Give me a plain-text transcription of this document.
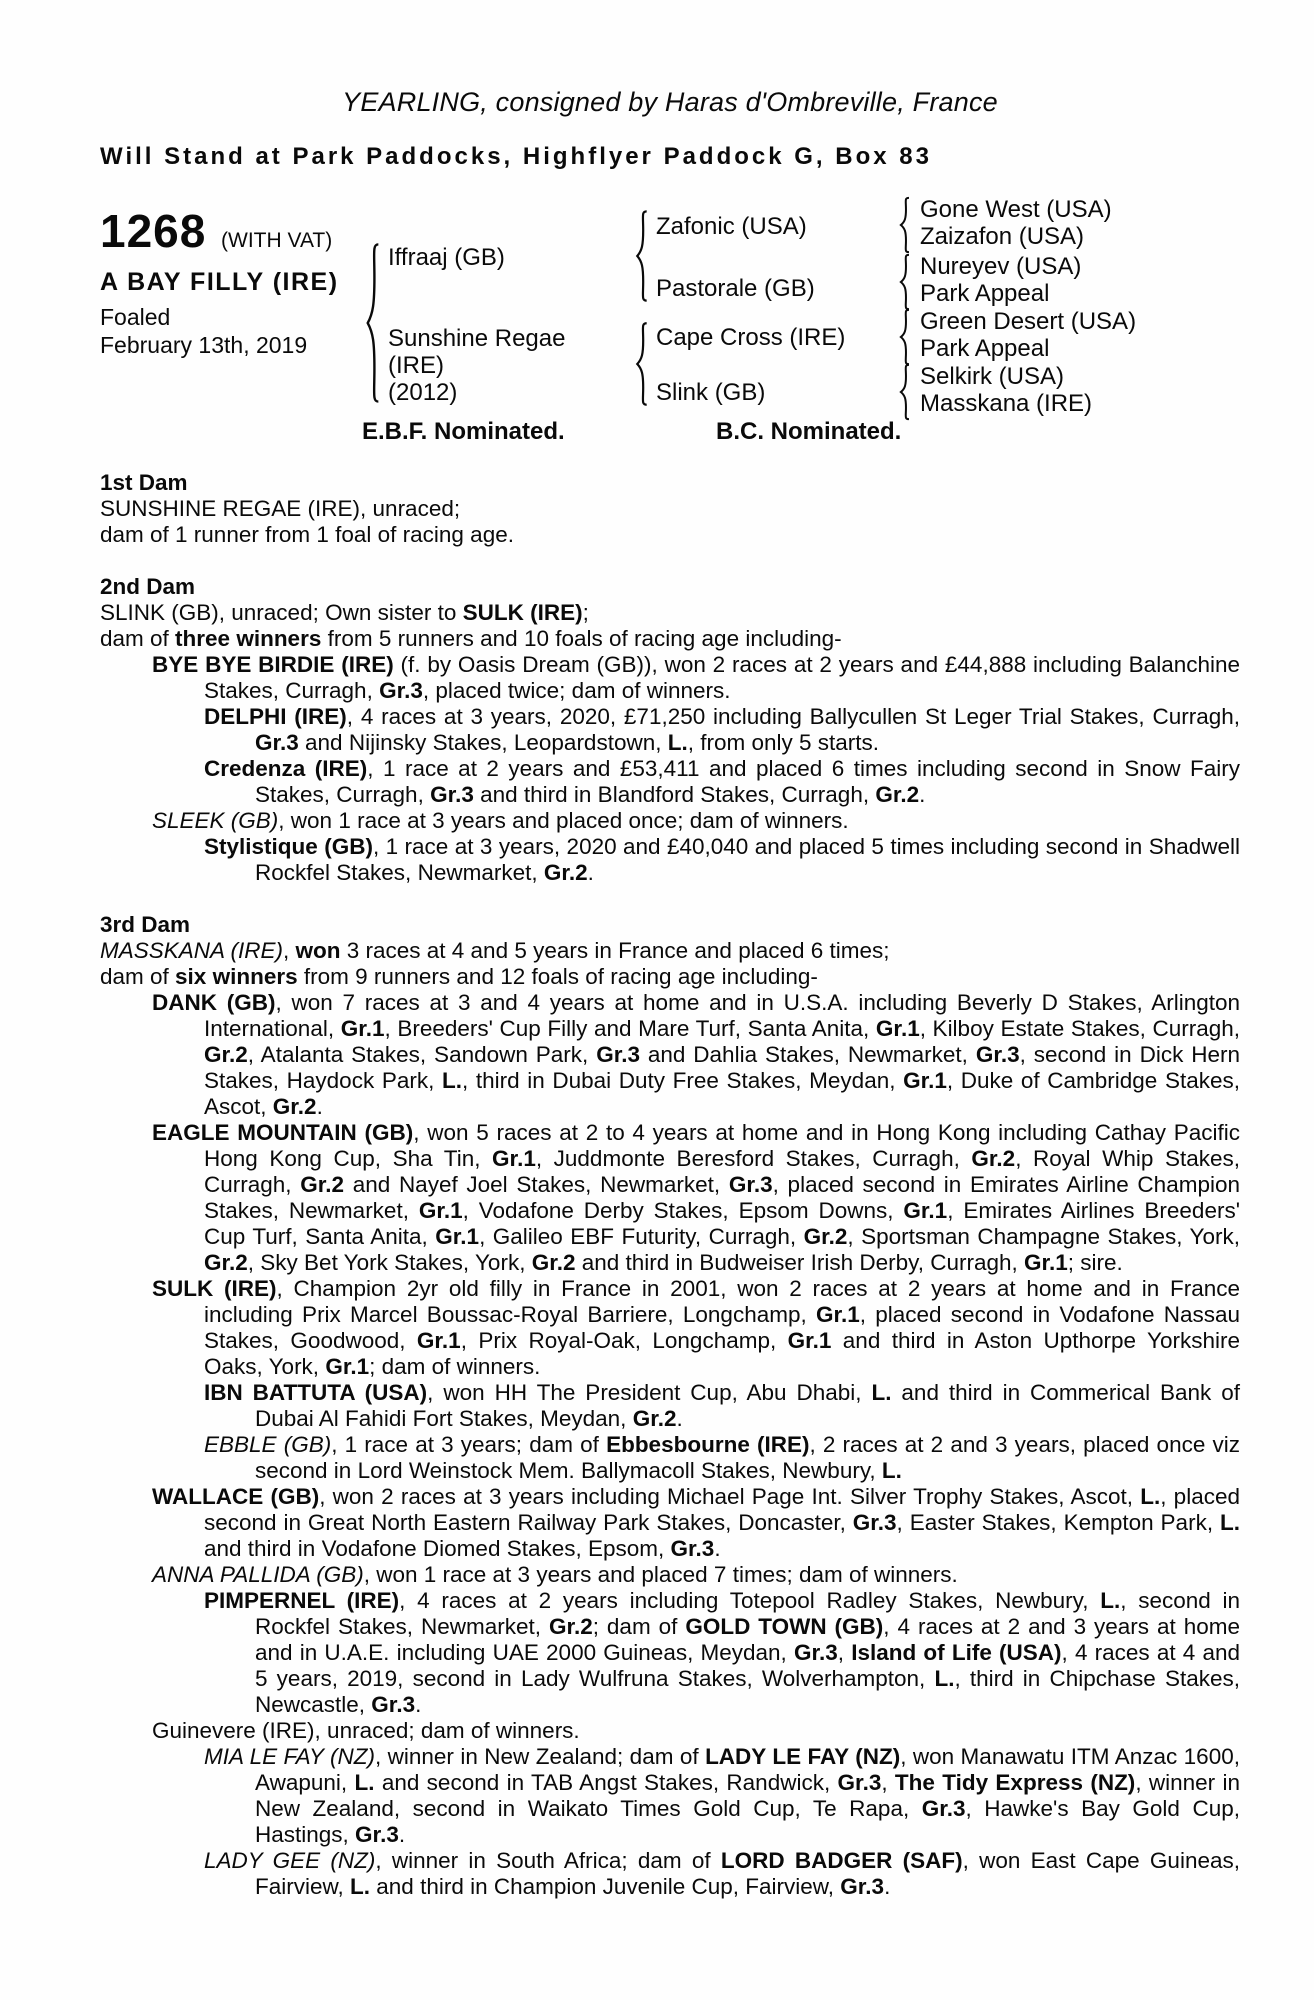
YEARLING, consigned by Haras d'Ombreville, France
Will Stand at Park Paddocks, Highflyer Paddock G, Box 83
1268 (WITH VAT)
A BAY FILLY (IRE)
Foaled
February 13th, 2019
Iffraaj (GB)
Sunshine Regae
(IRE)
(2012)
Zafonic (USA)
Pastorale (GB)
Cape Cross (IRE)
Slink (GB)
Gone West (USA)
Zaizafon (USA)
Nureyev (USA)
Park Appeal
Green Desert (USA)
Park Appeal
Selkirk (USA)
Masskana (IRE)
E.B.F. Nominated.	B.C. Nominated.
1st Dam
SUNSHINE REGAE (IRE), unraced;
dam of 1 runner from 1 foal of racing age.
2nd Dam
SLINK (GB), unraced; Own sister to SULK (IRE);
dam of three winners from 5 runners and 10 foals of racing age including-
BYE BYE BIRDIE (IRE) (f. by Oasis Dream (GB)), won 2 races at 2 years and £44,888 including Balanchine Stakes, Curragh, Gr.3, placed twice; dam of winners.
DELPHI (IRE), 4 races at 3 years, 2020, £71,250 including Ballycullen St Leger Trial Stakes, Curragh, Gr.3 and Nijinsky Stakes, Leopardstown, L., from only 5 starts.
Credenza (IRE), 1 race at 2 years and £53,411 and placed 6 times including second in Snow Fairy Stakes, Curragh, Gr.3 and third in Blandford Stakes, Curragh, Gr.2.
SLEEK (GB), won 1 race at 3 years and placed once; dam of winners.
Stylistique (GB), 1 race at 3 years, 2020 and £40,040 and placed 5 times including second in Shadwell Rockfel Stakes, Newmarket, Gr.2.
3rd Dam
MASSKANA (IRE), won 3 races at 4 and 5 years in France and placed 6 times;
dam of six winners from 9 runners and 12 foals of racing age including-
DANK (GB), won 7 races at 3 and 4 years at home and in U.S.A. including Beverly D Stakes, Arlington International, Gr.1, Breeders' Cup Filly and Mare Turf, Santa Anita, Gr.1, Kilboy Estate Stakes, Curragh, Gr.2, Atalanta Stakes, Sandown Park, Gr.3 and Dahlia Stakes, Newmarket, Gr.3, second in Dick Hern Stakes, Haydock Park, L., third in Dubai Duty Free Stakes, Meydan, Gr.1, Duke of Cambridge Stakes, Ascot, Gr.2.
EAGLE MOUNTAIN (GB), won 5 races at 2 to 4 years at home and in Hong Kong including Cathay Pacific Hong Kong Cup, Sha Tin, Gr.1, Juddmonte Beresford Stakes, Curragh, Gr.2, Royal Whip Stakes, Curragh, Gr.2 and Nayef Joel Stakes, Newmarket, Gr.3, placed second in Emirates Airline Champion Stakes, Newmarket, Gr.1, Vodafone Derby Stakes, Epsom Downs, Gr.1, Emirates Airlines Breeders' Cup Turf, Santa Anita, Gr.1, Galileo EBF Futurity, Curragh, Gr.2, Sportsman Champagne Stakes, York, Gr.2, Sky Bet York Stakes, York, Gr.2 and third in Budweiser Irish Derby, Curragh, Gr.1; sire.
SULK (IRE), Champion 2yr old filly in France in 2001, won 2 races at 2 years at home and in France including Prix Marcel Boussac-Royal Barriere, Longchamp, Gr.1, placed second in Vodafone Nassau Stakes, Goodwood, Gr.1, Prix Royal-Oak, Longchamp, Gr.1 and third in Aston Upthorpe Yorkshire Oaks, York, Gr.1; dam of winners.
IBN BATTUTA (USA), won HH The President Cup, Abu Dhabi, L. and third in Commerical Bank of Dubai Al Fahidi Fort Stakes, Meydan, Gr.2.
EBBLE (GB), 1 race at 3 years; dam of Ebbesbourne (IRE), 2 races at 2 and 3 years, placed once viz second in Lord Weinstock Mem. Ballymacoll Stakes, Newbury, L.
WALLACE (GB), won 2 races at 3 years including Michael Page Int. Silver Trophy Stakes, Ascot, L., placed second in Great North Eastern Railway Park Stakes, Doncaster, Gr.3, Easter Stakes, Kempton Park, L. and third in Vodafone Diomed Stakes, Epsom, Gr.3.
ANNA PALLIDA (GB), won 1 race at 3 years and placed 7 times; dam of winners.
PIMPERNEL (IRE), 4 races at 2 years including Totepool Radley Stakes, Newbury, L., second in Rockfel Stakes, Newmarket, Gr.2; dam of GOLD TOWN (GB), 4 races at 2 and 3 years at home and in U.A.E. including UAE 2000 Guineas, Meydan, Gr.3, Island of Life (USA), 4 races at 4 and 5 years, 2019, second in Lady Wulfruna Stakes, Wolverhampton, L., third in Chipchase Stakes, Newcastle, Gr.3.
Guinevere (IRE), unraced; dam of winners.
MIA LE FAY (NZ), winner in New Zealand; dam of LADY LE FAY (NZ), won Manawatu ITM Anzac 1600, Awapuni, L. and second in TAB Angst Stakes, Randwick, Gr.3, The Tidy Express (NZ), winner in New Zealand, second in Waikato Times Gold Cup, Te Rapa, Gr.3, Hawke's Bay Gold Cup, Hastings, Gr.3.
LADY GEE (NZ), winner in South Africa; dam of LORD BADGER (SAF), won East Cape Guineas, Fairview, L. and third in Champion Juvenile Cup, Fairview, Gr.3.
